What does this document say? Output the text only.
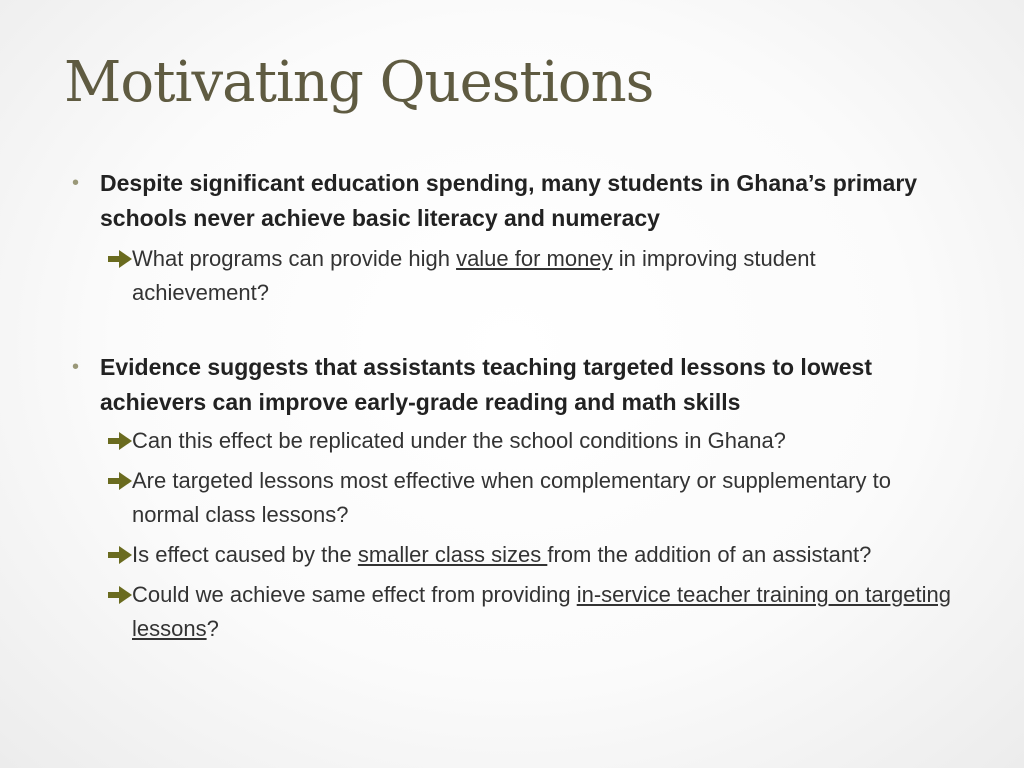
Motivating Questions
• Despite significant education spending, many students in Ghana’s primary schools never achieve basic literacy and numeracy
What programs can provide high value for money in improving student achievement?
• Evidence suggests that assistants teaching targeted lessons to lowest achievers can improve early-grade reading and math skills
Can this effect be replicated under the school conditions in Ghana?
Are targeted lessons most effective when complementary or supplementary to normal class lessons?
Is effect caused by the smaller class sizes from the addition of an assistant?
Could we achieve same effect from providing in-service teacher training on targeting lessons?
